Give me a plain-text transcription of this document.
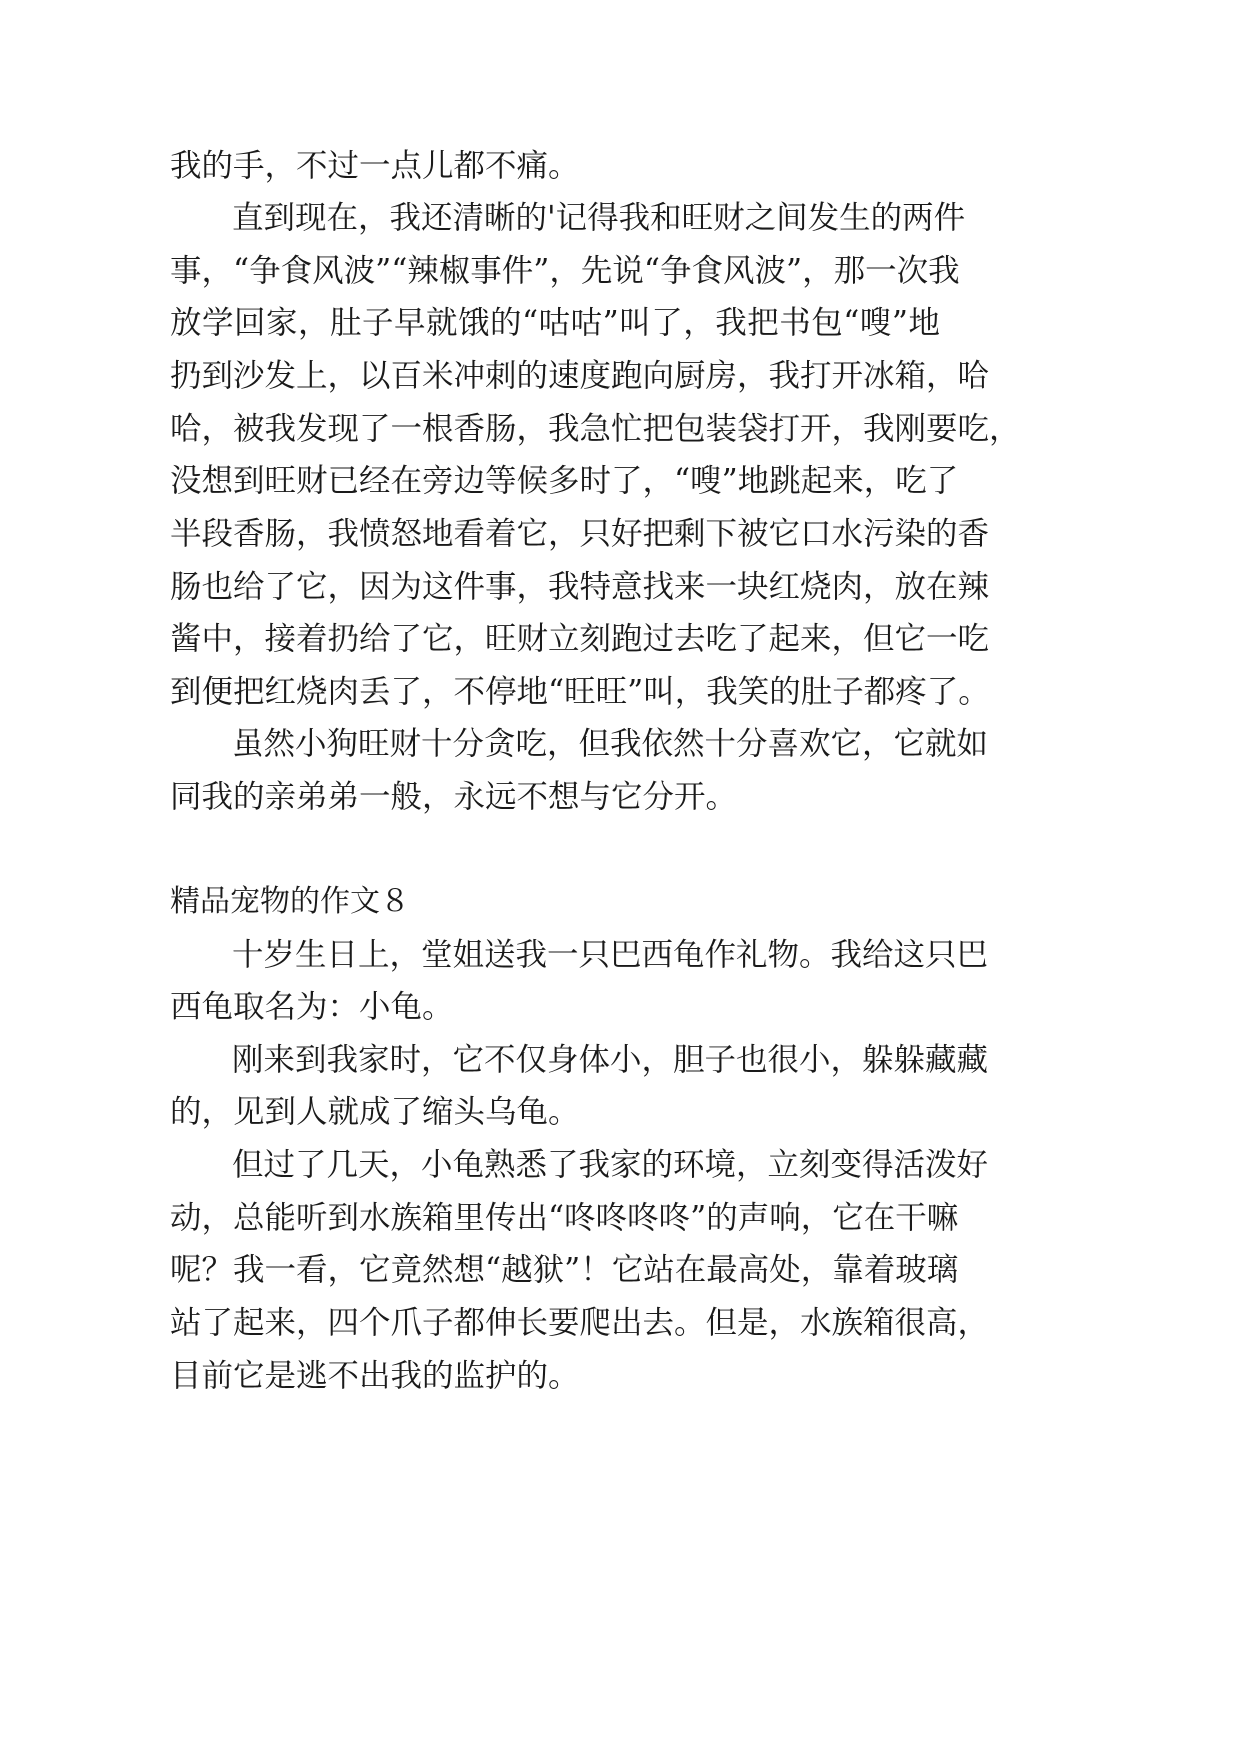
我的手，不过一点儿都不痛。
直到现在，我还清晰的'记得我和旺财之间发生的两件
事，“争食风波”“辣椒事件”，先说“争食风波”，那一次我
放学回家，肚子早就饿的“咕咕”叫了，我把书包“嗖”地
扔到沙发上，以百米冲刺的速度跑向厨房，我打开冰箱，哈
哈，被我发现了一根香肠，我急忙把包装袋打开，我刚要吃，
没想到旺财已经在旁边等候多时了，“嗖”地跳起来，吃了
半段香肠，我愤怒地看着它，只好把剩下被它口水污染的香
肠也给了它，因为这件事，我特意找来一块红烧肉，放在辣
酱中，接着扔给了它，旺财立刻跑过去吃了起来，但它一吃
到便把红烧肉丢了，不停地“旺旺”叫，我笑的肚子都疼了。
虽然小狗旺财十分贪吃，但我依然十分喜欢它，它就如
同我的亲弟弟一般，永远不想与它分开。
精品宠物的作文８
十岁生日上，堂姐送我一只巴西龟作礼物。我给这只巴
西龟取名为：小龟。
刚来到我家时，它不仅身体小，胆子也很小，躲躲藏藏
的，见到人就成了缩头乌龟。
但过了几天，小龟熟悉了我家的环境，立刻变得活泼好
动，总能听到水族箱里传出“咚咚咚咚”的声响，它在干嘛
呢？我一看，它竟然想“越狱”！它站在最高处，靠着玻璃
站了起来，四个爪子都伸长要爬出去。但是，水族箱很高，
目前它是逃不出我的监护的。
